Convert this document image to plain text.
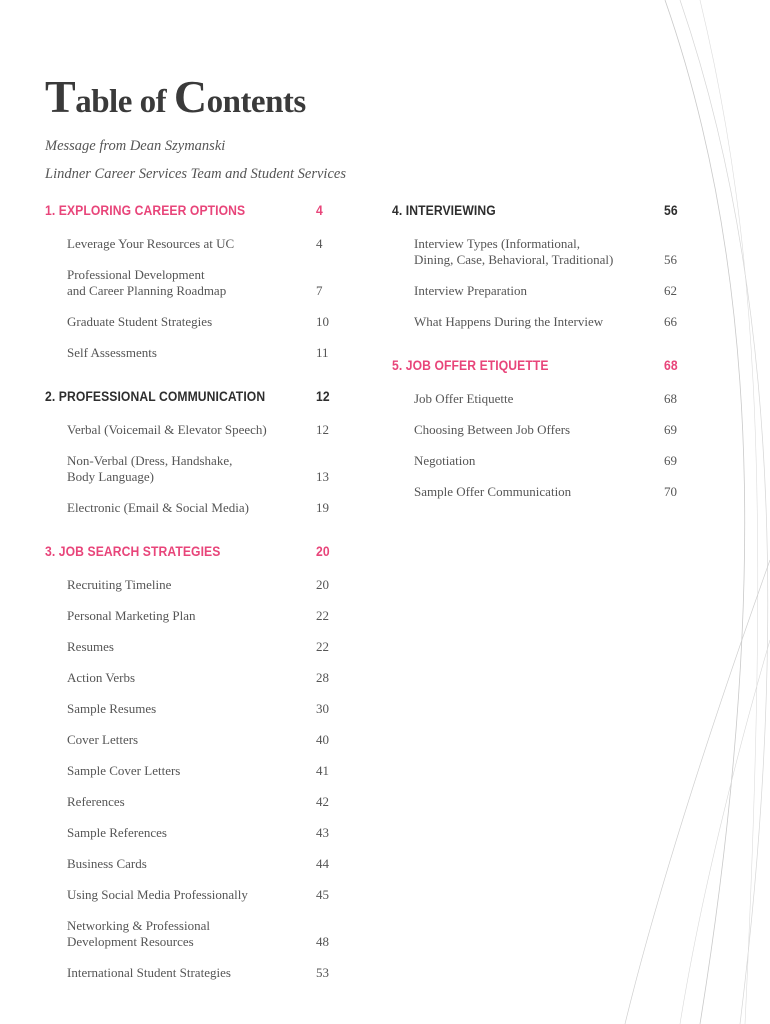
Table of Contents
Message from Dean Szymanski
Lindner Career Services Team and Student Services
1. EXPLORING CAREER OPTIONS	4
Leverage Your Resources at UC	4
Professional Development
and Career Planning Roadmap	7
Graduate Student Strategies	10
Self Assessments	11
2. PROFESSIONAL COMMUNICATION	12
Verbal (Voicemail & Elevator Speech)	12
Non-Verbal (Dress, Handshake,
Body Language)	13
Electronic (Email & Social Media)	19
3. JOB SEARCH STRATEGIES	20
Recruiting Timeline	20
Personal Marketing Plan	22
Resumes	22
Action Verbs	28
Sample Resumes	30
Cover Letters	40
Sample Cover Letters	41
References	42
Sample References	43
Business Cards	44
Using Social Media Professionally	45
Networking & Professional
Development Resources	48
International Student Strategies	53
4. INTERVIEWING	56
Interview Types (Informational,
Dining, Case, Behavioral, Traditional)	56
Interview Preparation	62
What Happens During the Interview	66
5. JOB OFFER ETIQUETTE	68
Job Offer Etiquette	68
Choosing Between Job Offers	69
Negotiation	69
Sample Offer Communication	70
